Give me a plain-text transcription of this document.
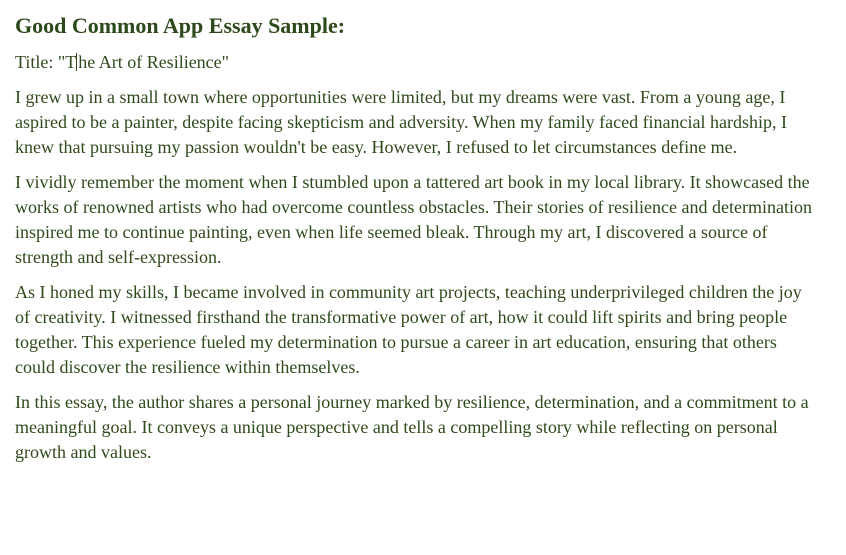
Good Common App Essay Sample:
Title: "T he Art of Resilience"

I grew up in a small town where opportunities were limited, but my dreams were vast. From a young age, I aspired to be a painter, despite facing skepticism and adversity. When my family faced financial hardship, I knew that pursuing my passion wouldn't be easy. However, I refused to let circumstances define me.

I vividly remember the moment when I stumbled upon a tattered art book in my local library. It showcased the works of renowned artists who had overcome countless obstacles. Their stories of resilience and determination inspired me to continue painting, even when life seemed bleak. Through my art, I discovered a source of strength and self-expression.

As I honed my skills, I became involved in community art projects, teaching underprivileged children the joy of creativity. I witnessed firsthand the transformative power of art, how it could lift spirits and bring people together. This experience fueled my determination to pursue a career in art education, ensuring that others could discover the resilience within themselves.

In this essay, the author shares a personal journey marked by resilience, determination, and a commitment to a meaningful goal. It conveys a unique perspective and tells a compelling story while reflecting on personal growth and values.
